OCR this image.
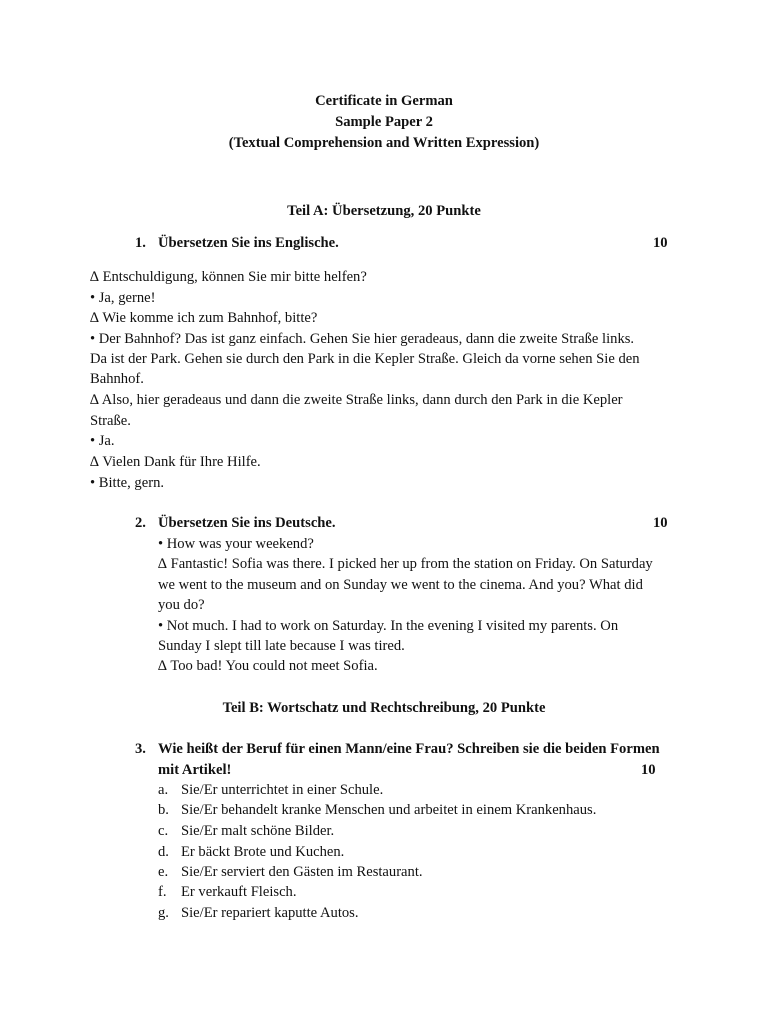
Certificate in German
Sample Paper 2
(Textual Comprehension and Written Expression)
Teil A: Übersetzung, 20 Punkte
1. Übersetzen Sie ins Englische.	10
∆ Entschuldigung, können Sie mir bitte helfen?
• Ja, gerne!
∆ Wie komme ich zum Bahnhof, bitte?
• Der Bahnhof? Das ist ganz einfach. Gehen Sie hier geradeaus, dann die zweite Straße links.
Da ist der Park. Gehen sie durch den Park in die Kepler Straße. Gleich da vorne sehen Sie den
Bahnhof.
∆ Also, hier geradeaus und dann die zweite Straße links, dann durch den Park in die Kepler
Straße.
• Ja.
∆ Vielen Dank für Ihre Hilfe.
• Bitte, gern.
2. Übersetzen Sie ins Deutsche.	10
• How was your weekend?
∆ Fantastic! Sofia was there. I picked her up from the station on Friday. On Saturday
we went to the museum and on Sunday we went to the cinema. And you? What did
you do?
• Not much. I had to work on Saturday. In the evening I visited my parents. On
Sunday I slept till late because I was tired.
∆ Too bad! You could not meet Sofia.
Teil B: Wortschatz und Rechtschreibung, 20 Punkte
3. Wie heißt der Beruf für einen Mann/eine Frau? Schreiben sie die beiden Formen
mit Artikel!	10
a. Sie/Er unterrichtet in einer Schule.
b. Sie/Er behandelt kranke Menschen und arbeitet in einem Krankenhaus.
c. Sie/Er malt schöne Bilder.
d. Er bäckt Brote und Kuchen.
e. Sie/Er serviert den Gästen im Restaurant.
f. Er verkauft Fleisch.
g. Sie/Er repariert kaputte Autos.
